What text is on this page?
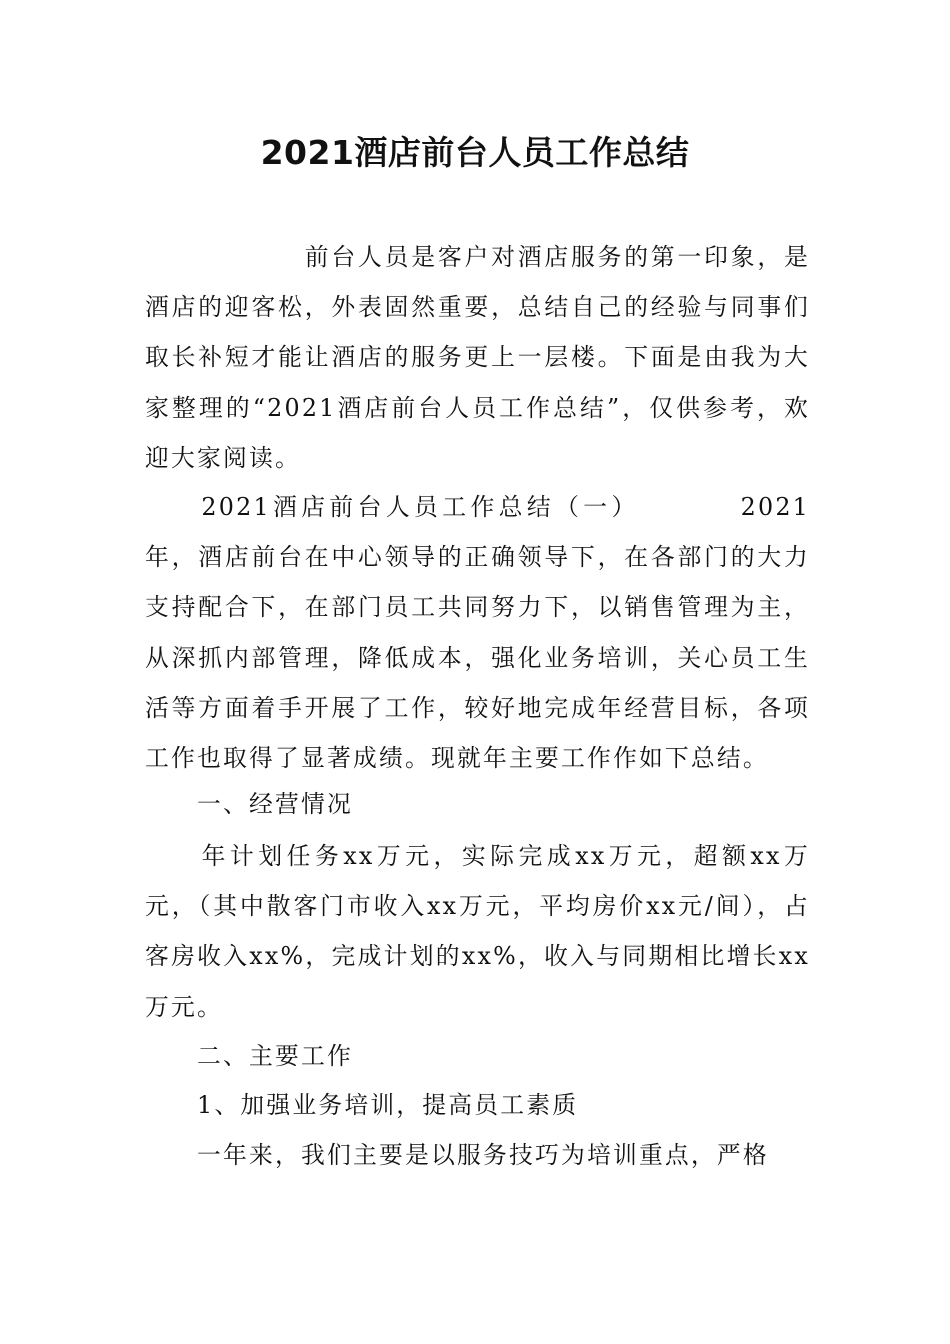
2021酒店前台人员工作总结

　　　　　　前台人员是客户对酒店服务的第一印象，是酒店的迎客松，外表固然重要，总结自己的经验与同事们取长补短才能让酒店的服务更上一层楼。下面是由我为大家整理的“2021酒店前台人员工作总结”，仅供参考，欢迎大家阅读。

　　2021酒店前台人员工作总结（一）　　　　2021年，酒店前台在中心领导的正确领导下，在各部门的大力支持配合下，在部门员工共同努力下，以销售管理为主，从深抓内部管理，降低成本，强化业务培训，关心员工生活等方面着手开展了工作，较好地完成年经营目标，各项工作也取得了显著成绩。现就年主要工作作如下总结。

　　一、经营情况

　　年计划任务xx万元，实际完成xx万元，超额xx万元，（其中散客门市收入xx万元，平均房价xx元/间），占客房收入xx%，完成计划的xx%，收入与同期相比增长xx万元。

　　二、主要工作

　　1、加强业务培训，提高员工素质

　　一年来，我们主要是以服务技巧为培训重点，严格
